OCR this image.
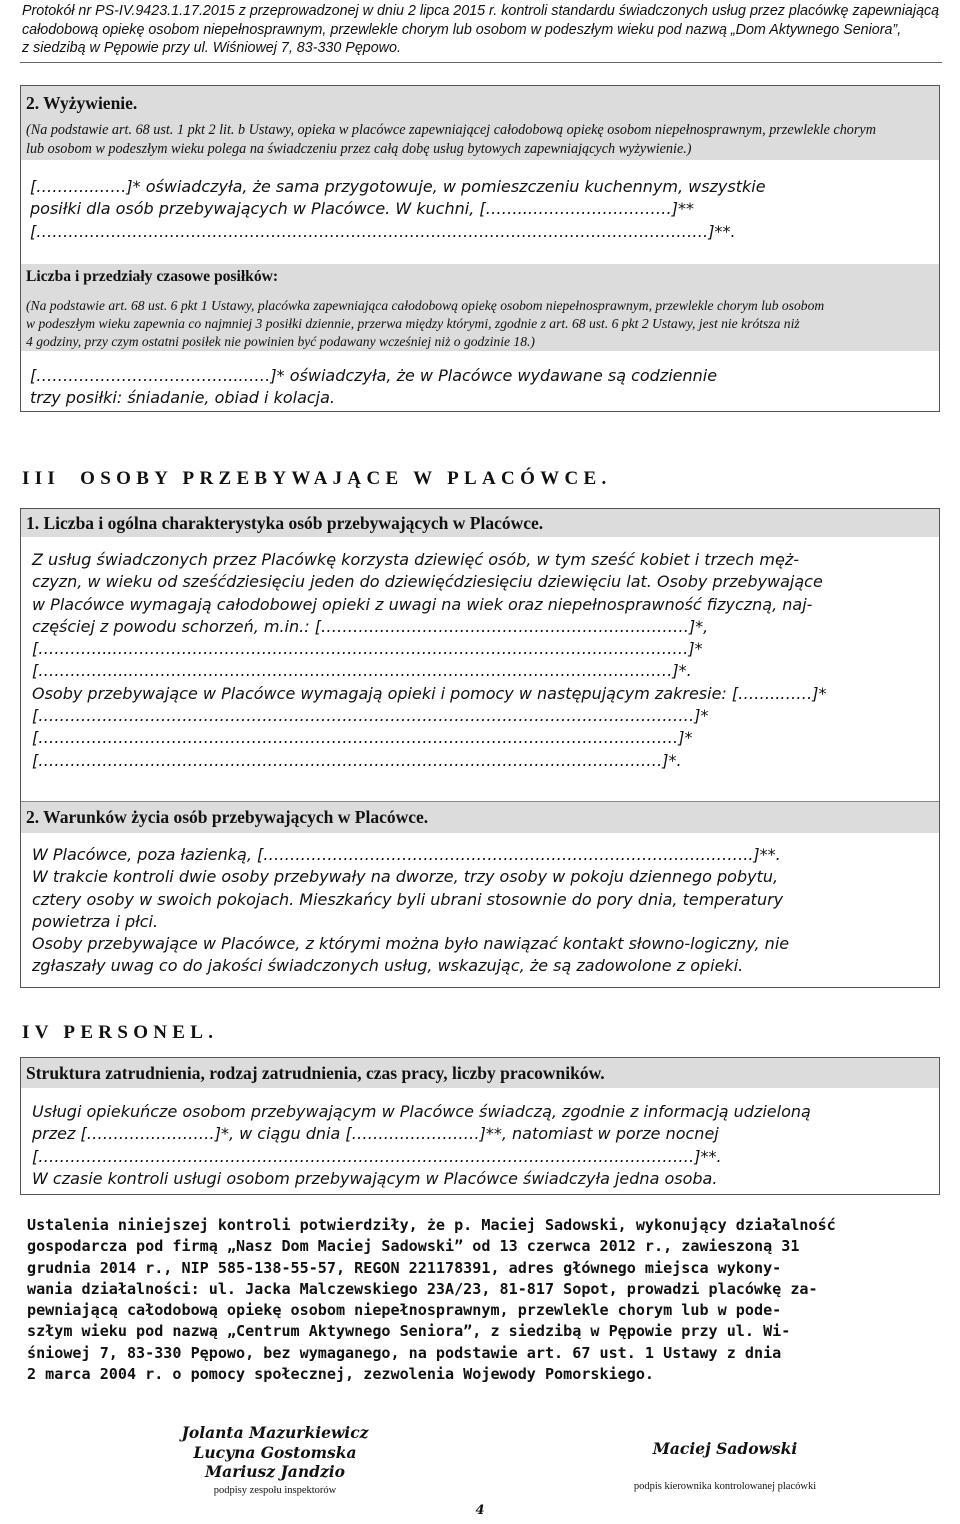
Protokół nr PS-IV.9423.1.17.2015 z przeprowadzonej w dniu 2 lipca 2015 r. kontroli standardu świadczonych usług przez placówkę zapewniającą
całodobową opiekę osobom niepełnosprawnym, przewlekle chorym lub osobom w podeszłym wieku pod nazwą „Dom Aktywnego Seniora”,
z siedzibą w Pępowie przy ul. Wiśniowej 7, 83-330 Pępowo.
2. Wyżywienie.
(Na podstawie art. 68 ust. 1 pkt 2 lit. b Ustawy, opieka w placówce zapewniającej całodobową opiekę osobom niepełnosprawnym, przewlekle chorym
lub osobom w podeszłym wieku polega na świadczeniu przez całą dobę usług bytowych zapewniających wyżywienie.)
[………..……]* oświadczyła, że sama przygotowuje, w pomieszczeniu kuchennym, wszystkie
posiłki dla osób przebywających w Placówce. W kuchni, [……..………………………]**
[………………………………………………………………………………………………………………]**.
Liczba i przedziały czasowe posiłków:
(Na podstawie art. 68 ust. 6 pkt 1 Ustawy, placówka zapewniająca całodobową opiekę osobom niepełnosprawnym, przewlekle chorym lub osobom
w podeszłym wieku zapewnia co najmniej 3 posiłki dziennie, przerwa między którymi, zgodnie z art. 68 ust. 6 pkt 2 Ustawy, jest nie krótsza niż
4 godziny, przy czym ostatni posiłek nie powinien być podawany wcześniej niż o godzinie 18.)
[………………………………..……]* oświadczyła, że w Placówce wydawane są codziennie
trzy posiłki: śniadanie, obiad i kolacja.
III  OSOBY PRZEBYWAJĄCE W PLACÓWCE.
1. Liczba i ogólna charakterystyka osób przebywających w Placówce.
Z usług świadczonych przez Placówkę korzysta dziewięć osób, w tym sześć kobiet i trzech męż-
czyzn, w wieku od sześćdziesięciu jeden do dziewięćdziesięciu dziewięciu lat. Osoby przebywające
w Placówce wymagają całodobowej opieki z uwagi na wiek oraz niepełnosprawność fizyczną, naj-
częściej z powodu schorzeń, m.in.: [……………………………………………………………]*,
[…………..………………………………………………………………………………………………]*
[……………..…………………………………………………………………………………………]*.
Osoby przebywające w Placówce wymagają opieki i pomocy w następującym zakresie: [……..……]*
[……………………………………………………………………………………………………………]*
[…………………………………………………………………………………………………………]*
[………………………………………………………………………………………………………]*.
2. Warunków życia osób przebywających w Placówce.
W Placówce, poza łazienką, [………………………………………………………………………………..]**.
W trakcie kontroli dwie osoby przebywały na dworze, trzy osoby w pokoju dziennego pobytu,
cztery osoby w swoich pokojach. Mieszkańcy byli ubrani stosownie do pory dnia, temperatury
powietrza i płci.
Osoby przebywające w Placówce, z którymi można było nawiązać kontakt słowno-logiczny, nie
zgłaszały uwag co do jakości świadczonych usług, wskazując, że są zadowolone z opieki.
IV PERSONEL.
Struktura zatrudnienia, rodzaj zatrudnienia, czas pracy, liczby pracowników.
Usługi opiekuńcze osobom przebywającym w Placówce świadczą, zgodnie z informacją udzieloną
przez [……………………]*, w ciągu dnia [……………………]**, natomiast w porze nocnej
[……………………………………………………………………………………………………………]**.
W czasie kontroli usługi osobom przebywającym w Placówce świadczyła jedna osoba.
Ustalenia niniejszej kontroli potwierdziły, że p. Maciej Sadowski, wykonujący działalność
gospodarcza pod firmą „Nasz Dom Maciej Sadowski” od 13 czerwca 2012 r., zawieszoną 31
grudnia 2014 r., NIP 585-138-55-57, REGON 221178391, adres głównego miejsca wykony-
wania działalności: ul. Jacka Malczewskiego 23A/23, 81-817 Sopot, prowadzi placówkę za-
pewniającą całodobową opiekę osobom niepełnosprawnym, przewlekle chorym lub w pode-
szłym wieku pod nazwą „Centrum Aktywnego Seniora”, z siedzibą w Pępowie przy ul. Wi-
śniowej 7, 83-330 Pępowo, bez wymaganego, na podstawie art. 67 ust. 1 Ustawy z dnia
2 marca 2004 r. o pomocy społecznej, zezwolenia Wojewody Pomorskiego.
Jolanta Mazurkiewicz
Lucyna Gostomska
Mariusz Jandzio
podpisy zespołu inspektorów
Maciej Sadowski
podpis kierownika kontrolowanej placówki
4
